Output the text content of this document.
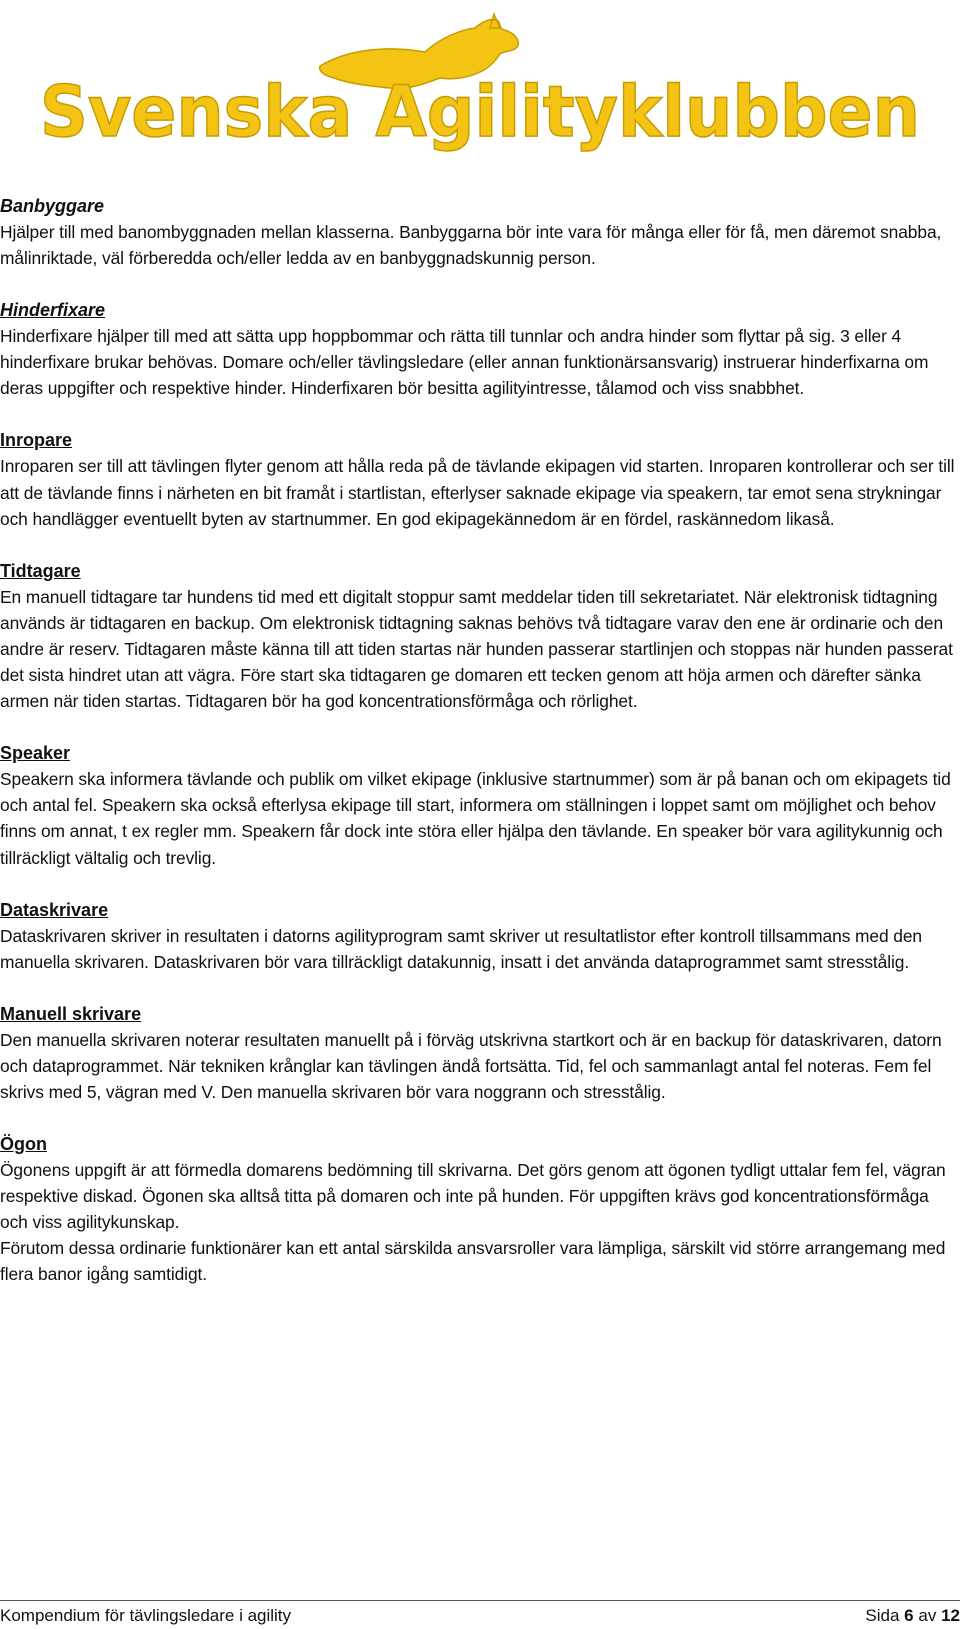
Svenska Agilityklubben

Banbyggare

Hjälper till med banombyggnaden mellan klasserna. Banbyggarna bör inte vara för många eller för få, men däremot snabba, målinriktade, väl förberedda och/eller ledda av en banbyggnadskunnig person.

Hinderfixare

Hinderfixare hjälper till med att sätta upp hoppbommar och rätta till tunnlar och andra hinder som flyttar på sig. 3 eller 4 hinderfixare brukar behövas. Domare och/eller tävlingsledare (eller annan funktionärsansvarig) instruerar hinderfixarna om deras uppgifter och respektive hinder. Hinderfixaren bör besitta agilityintresse, tålamod och viss snabbhet.

Inropare

Inroparen ser till att tävlingen flyter genom att hålla reda på de tävlande ekipagen vid starten. Inroparen kontrollerar och ser till att de tävlande finns i närheten en bit framåt i startlistan, efterlyser saknade ekipage via speakern, tar emot sena strykningar och handlägger eventuellt byten av startnummer. En god ekipagekännedom är en fördel, raskännedom likaså.

Tidtagare

En manuell tidtagare tar hundens tid med ett digitalt stoppur samt meddelar tiden till sekretariatet. När elektronisk tidtagning används är tidtagaren en backup. Om elektronisk tidtagning saknas behövs två tidtagare varav den ene är ordinarie och den andre är reserv. Tidtagaren måste känna till att tiden startas när hunden passerar startlinjen och stoppas när hunden passerat det sista hindret utan att vägra. Före start ska tidtagaren ge domaren ett tecken genom att höja armen och därefter sänka armen när tiden startas. Tidtagaren bör ha god koncentrationsförmåga och rörlighet.

Speaker

Speakern ska informera tävlande och publik om vilket ekipage (inklusive startnummer) som är på banan och om ekipagets tid och antal fel. Speakern ska också efterlysa ekipage till start, informera om ställningen i loppet samt om möjlighet och behov finns om annat, t ex regler mm. Speakern får dock inte störa eller hjälpa den tävlande. En speaker bör vara agilitykunnig och tillräckligt vältalig och trevlig.

Dataskrivare

Dataskrivaren skriver in resultaten i datorns agilityprogram samt skriver ut resultatlistor efter kontroll tillsammans med den manuella skrivaren. Dataskrivaren bör vara tillräckligt datakunnig, insatt i det använda dataprogrammet samt stresstålig.

Manuell skrivare

Den manuella skrivaren noterar resultaten manuellt på i förväg utskrivna startkort och är en backup för dataskrivaren, datorn och dataprogrammet. När tekniken krånglar kan tävlingen ändå fortsätta. Tid, fel och sammanlagt antal fel noteras. Fem fel skrivs med 5, vägran med V. Den manuella skrivaren bör vara noggrann och stresstålig.

Ögon

Ögonens uppgift är att förmedla domarens bedömning till skrivarna. Det görs genom att ögonen tydligt uttalar fem fel, vägran respektive diskad. Ögonen ska alltså titta på domaren och inte på hunden. För uppgiften krävs god koncentrationsförmåga och viss agilitykunskap.

Förutom dessa ordinarie funktionärer kan ett antal särskilda ansvarsroller vara lämpliga, särskilt vid större arrangemang med flera banor igång samtidigt.

Kompendium för tävlingsledare i agility	Sida 6 av 12
